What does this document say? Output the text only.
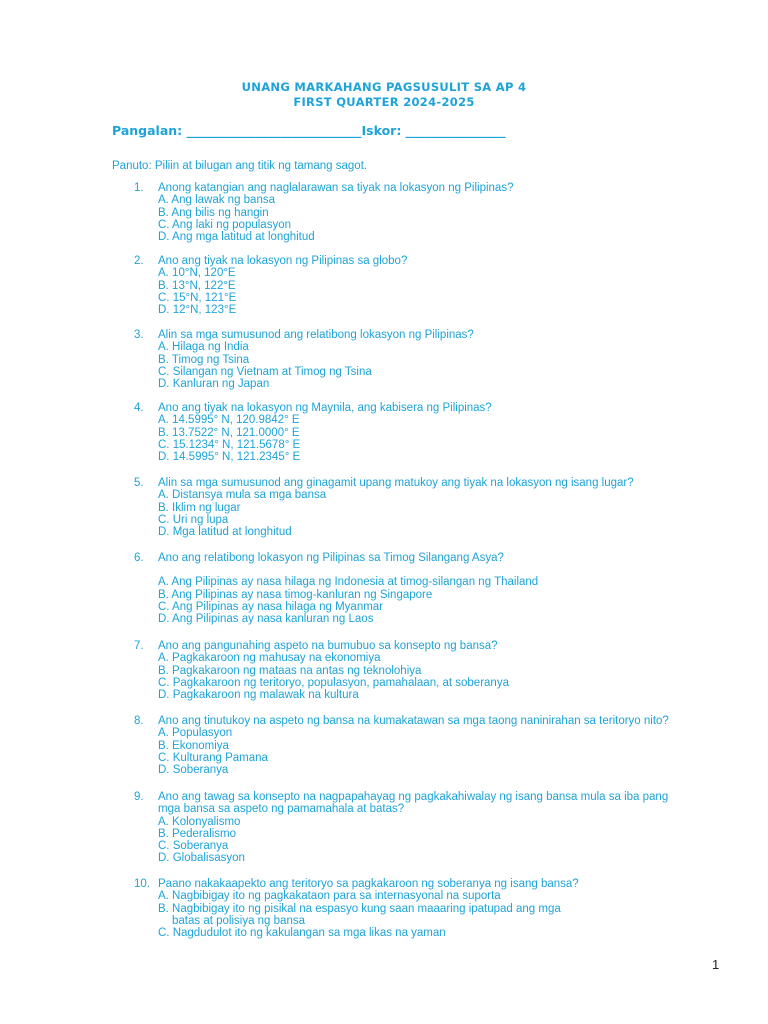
UNANG MARKAHANG PAGSUSULIT SA AP 4
FIRST QUARTER 2024-2025
Pangalan: ____________________________Iskor: ________________
Panuto: Piliin at bilugan ang titik ng tamang sagot.
1.	Anong katangian ang naglalarawan sa tiyak na lokasyon ng Pilipinas?
A. Ang lawak ng bansa
B. Ang bilis ng hangin
C. Ang laki ng populasyon
D. Ang mga latitud at longhitud
2.	Ano ang tiyak na lokasyon ng Pilipinas sa globo?
A. 10°N, 120°E
B. 13°N, 122°E
C. 15°N, 121°E
D. 12°N, 123°E
3.	Alin sa mga sumusunod ang relatibong lokasyon ng Pilipinas?
A. Hilaga ng India
B. Timog ng Tsina
C. Silangan ng Vietnam at Timog ng Tsina
D. Kanluran ng Japan
4.	Ano ang tiyak na lokasyon ng Maynila, ang kabisera ng Pilipinas?
A. 14.5995° N, 120.9842° E
B. 13.7522° N, 121.0000° E
C. 15.1234° N, 121.5678° E
D. 14.5995° N, 121.2345° E
5.	Alin sa mga sumusunod ang ginagamit upang matukoy ang tiyak na lokasyon ng isang lugar?
A. Distansya mula sa mga bansa
B. Iklim ng lugar
C. Uri ng lupa
D. Mga latitud at longhitud
6.	Ano ang relatibong lokasyon ng Pilipinas sa Timog Silangang Asya?
A. Ang Pilipinas ay nasa hilaga ng Indonesia at timog-silangan ng Thailand
B. Ang Pilipinas ay nasa timog-kanluran ng Singapore
C. Ang Pilipinas ay nasa hilaga ng Myanmar
D. Ang Pilipinas ay nasa kanluran ng Laos
7.	Ano ang pangunahing aspeto na bumubuo sa konsepto ng bansa?
A. Pagkakaroon ng mahusay na ekonomiya
B. Pagkakaroon ng mataas na antas ng teknolohiya
C. Pagkakaroon ng teritoryo, populasyon, pamahalaan, at soberanya
D. Pagkakaroon ng malawak na kultura
8.	Ano ang tinutukoy na aspeto ng bansa na kumakatawan sa mga taong naninirahan sa teritoryo nito?
A. Populasyon
B. Ekonomiya
C. Kulturang Pamana
D. Soberanya
9.	Ano ang tawag sa konsepto na nagpapahayag ng pagkakahiwalay ng isang bansa mula sa iba pang
mga bansa sa aspeto ng pamamahala at batas?
A. Kolonyalismo
B. Pederalismo
C. Soberanya
D. Globalisasyon
10. Paano nakakaapekto ang teritoryo sa pagkakaroon ng soberanya ng isang bansa?
A. Nagbibigay ito ng pagkakataon para sa internasyonal na suporta
B. Nagbibigay ito ng pisikal na espasyo kung saan maaaring ipatupad ang mga
batas at polisiya ng bansa
C. Nagdudulot ito ng kakulangan sa mga likas na yaman
1
